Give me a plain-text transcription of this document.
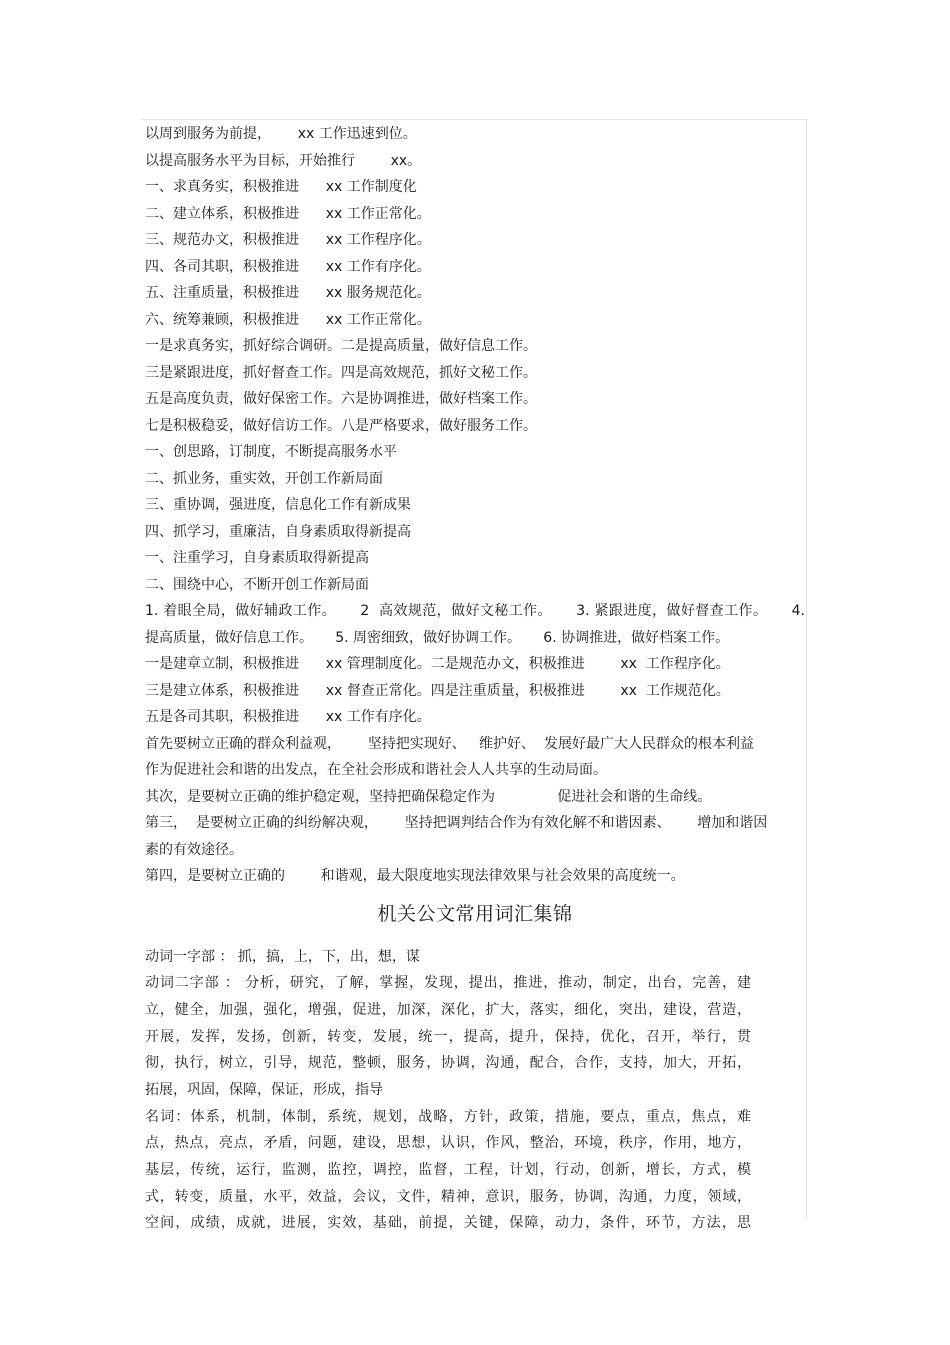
以周到服务为前提，      xx 工作迅速到位。
以提高服务水平为目标，开始推行        xx。
一、求真务实，积极推进      xx 工作制度化
二、建立体系，积极推进      xx 工作正常化。
三、规范办文，积极推进      xx 工作程序化。
四、各司其职，积极推进      xx 工作有序化。
五、注重质量，积极推进      xx 服务规范化。
六、统筹兼顾，积极推进      xx 工作正常化。
一是求真务实，抓好综合调研。二是提高质量，做好信息工作。
三是紧跟进度，抓好督查工作。四是高效规范，抓好文秘工作。
五是高度负责，做好保密工作。六是协调推进，做好档案工作。
七是积极稳妥，做好信访工作。八是严格要求，做好服务工作。
一、创思路，订制度，不断提高服务水平
二、抓业务，重实效，开创工作新局面
三、重协调，强进度，信息化工作有新成果
四、抓学习，重廉洁，自身素质取得新提高
一、注重学习，自身素质取得新提高
二、围绕中心，不断开创工作新局面
1. 着眼全局，做好辅政工作。     2  高效规范，做好文秘工作。     3. 紧跟进度，做好督查工作。     4.
提高质量，做好信息工作。     5. 周密细致，做好协调工作。     6. 协调推进，做好档案工作。
一是建章立制，积极推进      xx 管理制度化。二是规范办文，积极推进        xx  工作程序化。
三是建立体系，积极推进      xx 督查正常化。四是注重质量，积极推进        xx  工作规范化。
五是各司其职，积极推进      xx 工作有序化。
首先要树立正确的群众利益观，      坚持把实现好、   维护好、  发展好最广大人民群众的根本利益
作为促进社会和谐的出发点，在全社会形成和谐社会人人共享的生动局面。
其次，是要树立正确的维护稳定观，坚持把确保稳定作为              促进社会和谐的生命线。
第三，  是要树立正确的纠纷解决观，      坚持把调判结合作为有效化解不和谐因素、      增加和谐因
素的有效途径。
第四，是要树立正确的        和谐观，最大限度地实现法律效果与社会效果的高度统一。
机关公文常用词汇集锦
动词一字部 ： 抓，搞，上，下，出，想，谋
动词二字部 ： 分析，研究，了解，掌握，发现，提出，推进，推动，制定，出台，完善，建
立，健全，加强，强化，增强，促进，加深，深化，扩大，落实，细化，突出，建设，营造，
开展，发挥，发扬，创新，转变，发展，统一，提高，提升，保持，优化，召开，举行，贯
彻，执行，树立，引导，规范，整顿，服务，协调，沟通，配合，合作，支持，加大，开拓，
拓展，巩固，保障，保证，形成，指导
名词：体系，机制，体制，系统，规划，战略，方针，政策，措施，要点，重点，焦点，难
点，热点，亮点，矛盾，问题，建设，思想，认识，作风，整治，环境，秩序，作用，地方，
基层，传统，运行，监测，监控，调控，监督，工程，计划，行动，创新，增长，方式，模
式，转变，质量，水平，效益，会议，文件，精神，意识，服务，协调，沟通，力度，领域，
空间，成绩，成就，进展，实效，基础，前提，关键，保障，动力，条件，环节，方法，思
